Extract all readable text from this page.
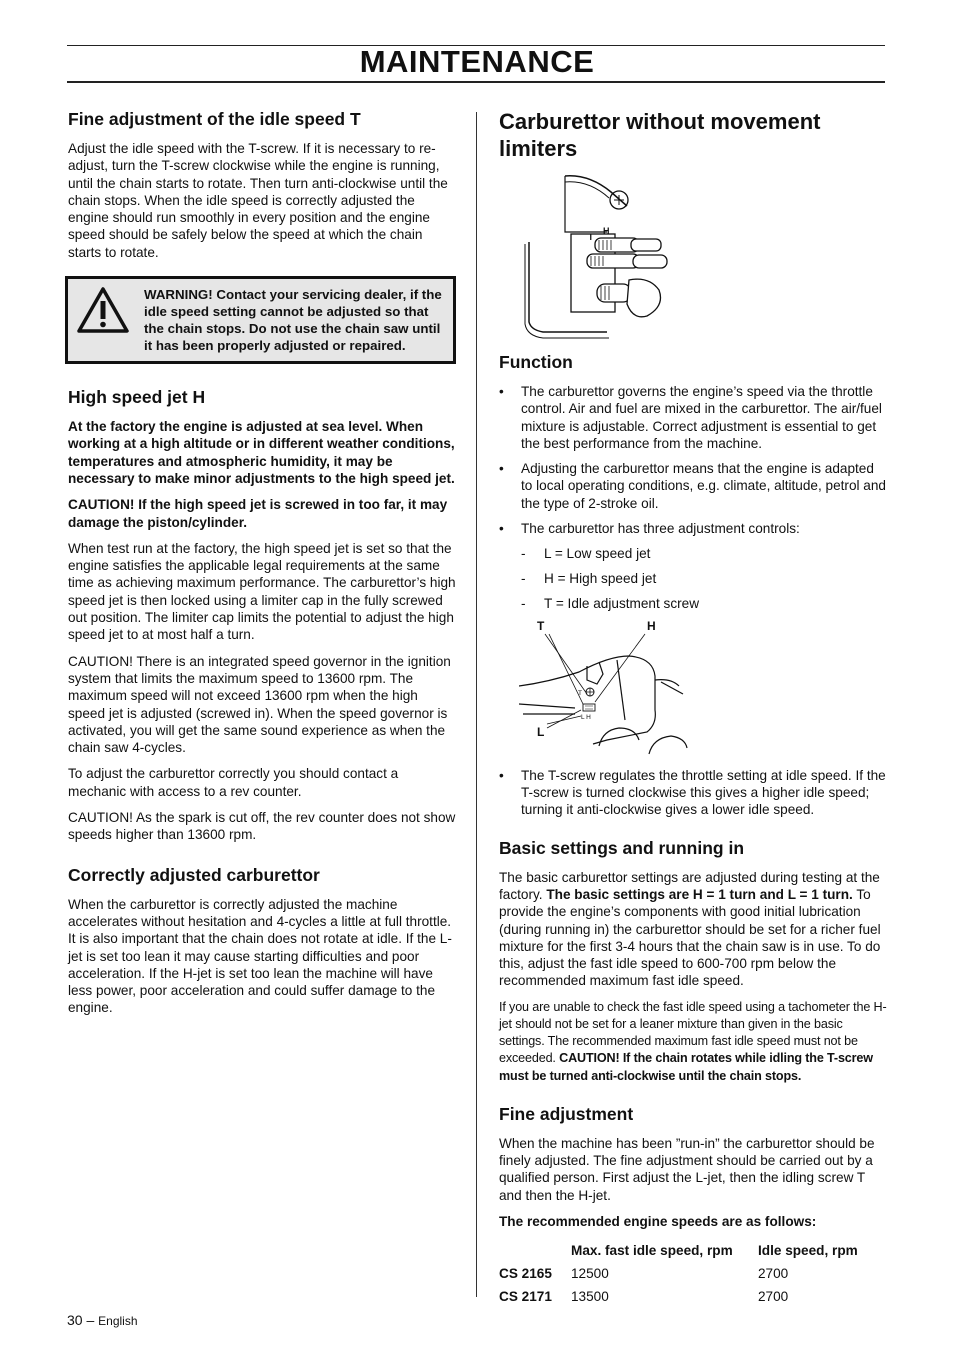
MAINTENANCE
Fine adjustment of the idle speed T

Adjust the idle speed with the T-screw. If it is necessary to re-adjust, turn the T-screw clockwise while the engine is running, until the chain starts to rotate. Then turn anti-clockwise until the chain stops. When the idle speed is correctly adjusted the engine should run smoothly in every position and the engine speed should be safely below the speed at which the chain starts to rotate.

WARNING! Contact your servicing dealer, if the idle speed setting cannot be adjusted so that the chain stops. Do not use the chain saw until it has been properly adjusted or repaired.
High speed jet H

At the factory the engine is adjusted at sea level. When working at a high altitude or in different weather conditions, temperatures and atmospheric humidity, it may be necessary to make minor adjustments to the high speed jet.

CAUTION! If the high speed jet is screwed in too far, it may damage the piston/cylinder.

When test run at the factory, the high speed jet is set so that the engine satisfies the applicable legal requirements at the same time as achieving maximum performance. The carburettor’s high speed jet is then locked using a limiter cap in the fully screwed out position. The limiter cap limits the potential to adjust the high speed jet to at most half a turn.

CAUTION! There is an integrated speed governor in the ignition system that limits the maximum speed to 13600 rpm. The maximum speed will not exceed 13600 rpm when the high speed jet is adjusted (screwed in). When the speed governor is activated, you will get the same sound experience as when the chain saw 4-cycles.

To adjust the carburettor correctly you should contact a mechanic with access to a rev counter.

CAUTION! As the spark is cut off, the rev counter does not show speeds higher than 13600 rpm.

Correctly adjusted carburettor

When the carburettor is correctly adjusted the machine accelerates without hesitation and 4-cycles a little at full throttle. It is also important that the chain does not rotate at idle. If the L-jet is set too lean it may cause starting difficulties and poor acceleration. If the H-jet is set too lean the machine will have less power, poor acceleration and could suffer damage to the engine.

Carburettor without movement limiters
T
H
Function
• The carburettor governs the engine’s speed via the throttle control. Air and fuel are mixed in the carburettor. The air/fuel mixture is adjustable. Correct adjustment is essential to get the best performance from the machine.
• Adjusting the carburettor means that the engine is adapted to local operating conditions, e.g. climate, altitude, petrol and the type of 2-stroke oil.
• The carburettor has three adjustment controls:
- L = Low speed jet
- H = High speed jet
- T = Idle adjustment screw
T	H
L
T
L H
• The T-screw regulates the throttle setting at idle speed. If the T-screw is turned clockwise this gives a higher idle speed; turning it anti-clockwise gives a lower idle speed.
Basic settings and running in

The basic carburettor settings are adjusted during testing at the factory. The basic settings are H = 1 turn and L = 1 turn. To provide the engine’s components with good initial lubrication (during running in) the carburettor should be set for a richer fuel mixture for the first 3-4 hours that the chain saw is in use. To do this, adjust the fast idle speed to 600-700 rpm below the recommended maximum fast idle speed.

If you are unable to check the fast idle speed using a tachometer the H-jet should not be set for a leaner mixture than given in the basic settings. The recommended maximum fast idle speed must not be exceeded. CAUTION! If the chain rotates while idling the T-screw must be turned anti-clockwise until the chain stops.

Fine adjustment

When the machine has been ”run-in” the carburettor should be finely adjusted. The fine adjustment should be carried out by a qualified person. First adjust the L-jet, then the idling screw T and then the H-jet.

The recommended engine speeds are as follows:

	Max. fast idle speed, rpm	Idle speed, rpm
CS 2165	12500	2700
CS 2171	13500	2700
30 – English
